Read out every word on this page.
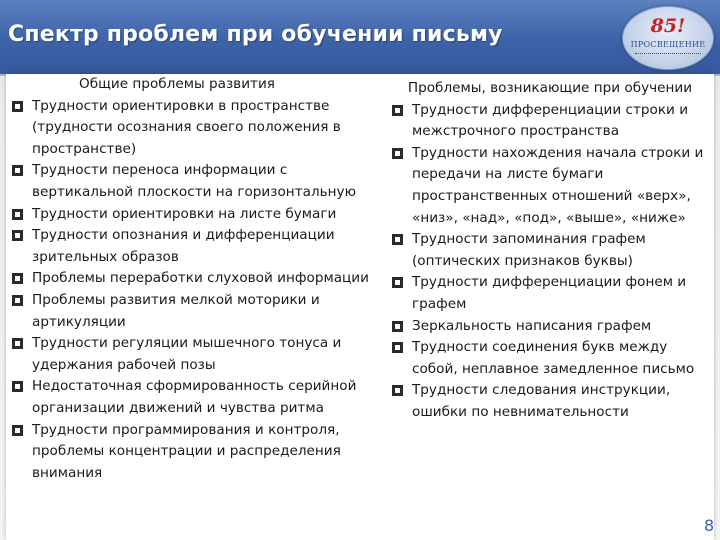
Спектр проблем при обучении письму	85!
ПРОСВЕЩЕНИЕ
Общие проблемы развития
Трудности ориентировки в пространстве (трудности осознания своего положения в пространстве)
Трудности переноса информации с вертикальной плоскости на горизонтальную
Трудности ориентировки на листе бумаги
Трудности опознания и дифференциации зрительных образов
Проблемы переработки слуховой информации
Проблемы развития мелкой моторики и артикуляции
Трудности регуляции мышечного тонуса и удержания рабочей позы
Недостаточная сформированность серийной организации движений и чувства ритма
Трудности программирования и контроля, проблемы концентрации и распределения внимания
Проблемы, возникающие при обучении
Трудности дифференциации строки и межстрочного пространства
Трудности нахождения начала строки и передачи на листе бумаги пространственных отношений «верх», «низ», «над», «под», «выше», «ниже»
Трудности запоминания графем (оптических признаков буквы)
Трудности дифференциации фонем и графем
Зеркальность написания графем
Трудности соединения букв между собой, неплавное замедленное письмо
Трудности следования инструкции, ошибки по невнимательности
8
